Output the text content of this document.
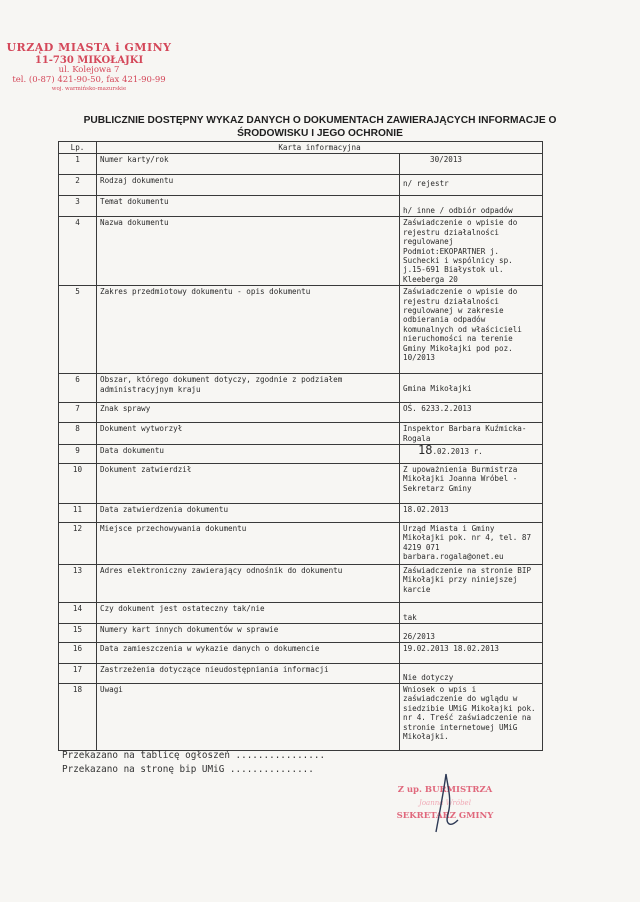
URZĄD MIASTA i GMINY
11-730 MIKOŁAJKI
ul. Kolejowa 7
tel. (0-87) 421-90-50, fax 421-90-99
woj. warmińsko-mazurskie
PUBLICZNIE DOSTĘPNY WYKAZ DANYCH O DOKUMENTACH ZAWIERAJĄCYCH INFORMACJE O ŚRODOWISKU I JEGO OCHRONIE
Lp.	Karta informacyjna	
1	Numer karty/rok	30/2013
2	Rodzaj dokumentu	n/ rejestr
3	Temat dokumentu	h/ inne / odbiór odpadów
4	Nazwa dokumentu	Zaświadczenie o wpisie do rejestru działalności regulowanej Podmiot:EKOPARTNER j. Suchecki i wspólnicy sp. j.15-691 Białystok ul. Kleeberga 20
5	Zakres przedmiotowy dokumentu - opis dokumentu	Zaświadczenie o wpisie do rejestru działalności regulowanej w zakresie odbierania odpadów komunalnych od właścicieli nieruchomości na terenie Gminy Mikołajki pod poz. 10/2013
6	Obszar, którego dokument dotyczy, zgodnie z podziałem administracyjnym kraju	Gmina Mikołajki
7	Znak sprawy	OŚ. 6233.2.2013
8	Dokument wytworzył	Inspektor Barbara Kuźmicka-Rogala
9	Data dokumentu	18.02.2013 r.
10	Dokument zatwierdził	Z upoważnienia Burmistrza Mikołajki Joanna Wróbel - Sekretarz Gminy
11	Data zatwierdzenia dokumentu	18.02.2013
12	Miejsce przechowywania dokumentu	Urząd Miasta i Gminy Mikołajki pok. nr 4, tel. 87 4219 071 barbara.rogala@onet.eu
13	Adres elektroniczny zawierający odnośnik do dokumentu	Zaświadczenie na stronie BIP Mikołajki przy niniejszej karcie
14	Czy dokument jest ostateczny tak/nie	tak
15	Numery kart innych dokumentów w sprawie	26/2013
16	Data zamieszczenia w wykazie danych o dokumencie	19.02.2013 18.02.2013
17	Zastrzeżenia dotyczące nieudostępniania informacji	Nie dotyczy
18	Uwagi	Wniosek o wpis i zaświadczenie do wglądu w siedzibie UMiG Mikołajki pok. nr 4. Treść zaświadczenie na stronie internetowej UMiG Mikołajki.
Przekazano na tablicę ogłoszeń ................
Przekazano na stronę bip UMiG ...............
Z up. BURMISTRZA
Joanna Wróbel
SEKRETARZ GMINY
